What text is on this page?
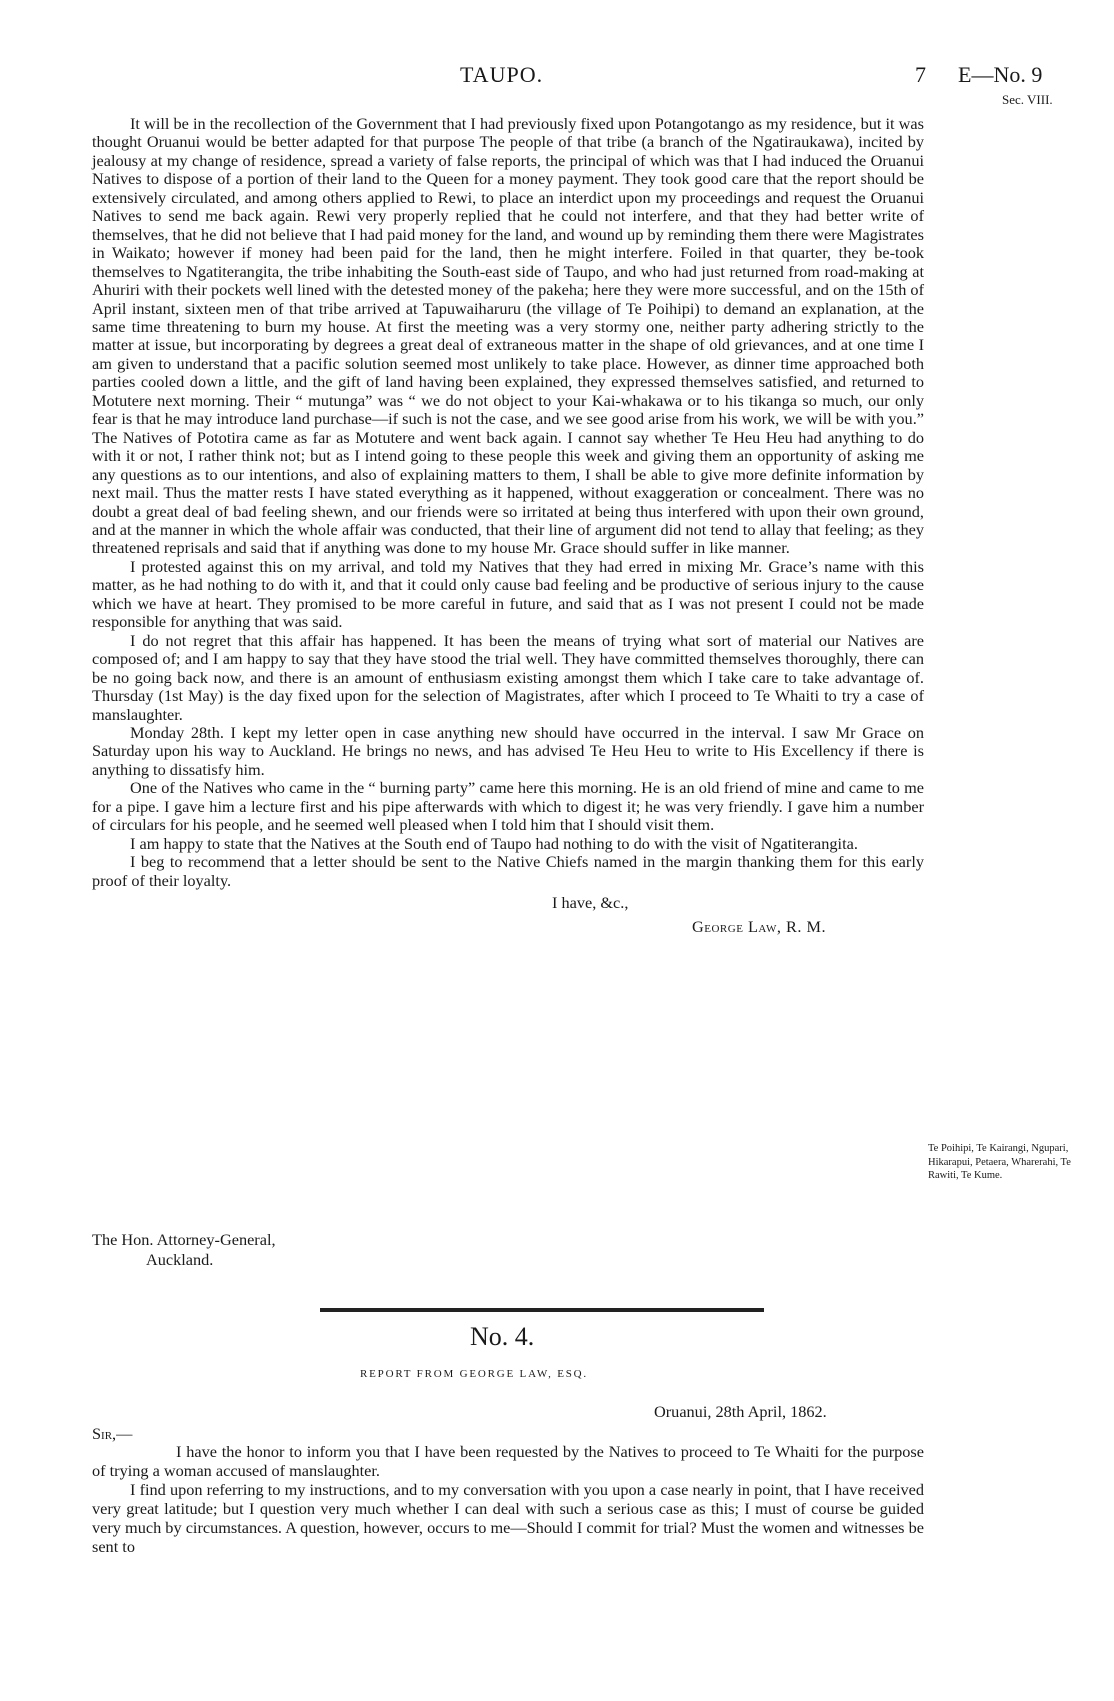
TAUPO.	7 E—No. 9
Sec. VIII.

It will be in the recollection of the Government that I had previously fixed upon Potangotango as my residence, but it was thought Oruanui would be better adapted for that purpose The people of that tribe (a branch of the Ngatiraukawa), incited by jealousy at my change of residence, spread a variety of false reports, the principal of which was that I had induced the Oruanui Natives to dispose of a portion of their land to the Queen for a money payment. They took good care that the report should be extensively circulated, and among others applied to Rewi, to place an interdict upon my proceedings and request the Oruanui Natives to send me back again. Rewi very properly replied that he could not interfere, and that they had better write of themselves, that he did not believe that I had paid money for the land, and wound up by reminding them there were Magistrates in Waikato; however if money had been paid for the land, then he might interfere. Foiled in that quarter, they be-took themselves to Ngatiterangita, the tribe inhabiting the South-east side of Taupo, and who had just returned from road-making at Ahuriri with their pockets well lined with the detested money of the pakeha; here they were more successful, and on the 15th of April instant, sixteen men of that tribe arrived at Tapuwaiharuru (the village of Te Poihipi) to demand an explanation, at the same time threatening to burn my house. At first the meeting was a very stormy one, neither party adhering strictly to the matter at issue, but incorporating by degrees a great deal of extraneous matter in the shape of old grievances, and at one time I am given to understand that a pacific solution seemed most unlikely to take place. However, as dinner time approached both parties cooled down a little, and the gift of land having been explained, they expressed themselves satisfied, and returned to Motutere next morning. Their “ mutunga” was “ we do not object to your Kai-whakawa or to his tikanga so much, our only fear is that he may introduce land purchase—if such is not the case, and we see good arise from his work, we will be with you.” The Natives of Pototira came as far as Motutere and went back again. I cannot say whether Te Heu Heu had anything to do with it or not, I rather think not; but as I intend going to these people this week and giving them an opportunity of asking me any questions as to our intentions, and also of explaining matters to them, I shall be able to give more definite information by next mail. Thus the matter rests I have stated everything as it happened, without exaggeration or concealment. There was no doubt a great deal of bad feeling shewn, and our friends were so irritated at being thus interfered with upon their own ground, and at the manner in which the whole affair was conducted, that their line of argument did not tend to allay that feeling; as they threatened reprisals and said that if anything was done to my house Mr. Grace should suffer in like manner.

I protested against this on my arrival, and told my Natives that they had erred in mixing Mr. Grace’s name with this matter, as he had nothing to do with it, and that it could only cause bad feeling and be productive of serious injury to the cause which we have at heart. They promised to be more careful in future, and said that as I was not present I could not be made responsible for anything that was said.

I do not regret that this affair has happened. It has been the means of trying what sort of material our Natives are composed of; and I am happy to say that they have stood the trial well. They have committed themselves thoroughly, there can be no going back now, and there is an amount of enthusiasm existing amongst them which I take care to take advantage of. Thursday (1st May) is the day fixed upon for the selection of Magistrates, after which I proceed to Te Whaiti to try a case of manslaughter.

Monday 28th. I kept my letter open in case anything new should have occurred in the interval. I saw Mr Grace on Saturday upon his way to Auckland. He brings no news, and has advised Te Heu Heu to write to His Excellency if there is anything to dissatisfy him.

One of the Natives who came in the “ burning party” came here this morning. He is an old friend of mine and came to me for a pipe. I gave him a lecture first and his pipe afterwards with which to digest it; he was very friendly. I gave him a number of circulars for his people, and he seemed well pleased when I told him that I should visit them.

I am happy to state that the Natives at the South end of Taupo had nothing to do with the visit of Ngatiterangita.

I beg to recommend that a letter should be sent to the Native Chiefs named in the margin thanking them for this early proof of their loyalty.

I have, &c.,
George Law, R. M.
Te Poihipi, Te Kairangi, Ngupari, Hikarapui, Petaera, Wharerahi, Te Rawiti, Te Kume.
The Hon. Attorney-General,
Auckland.
No. 4.
REPORT FROM GEORGE LAW, ESQ.
Oruanui, 28th April, 1862.
Sir,—

I have the honor to inform you that I have been requested by the Natives to proceed to Te Whaiti for the purpose of trying a woman accused of manslaughter.

I find upon referring to my instructions, and to my conversation with you upon a case nearly in point, that I have received very great latitude; but I question very much whether I can deal with such a serious case as this; I must of course be guided very much by circumstances. A question, however, occurs to me—Should I commit for trial? Must the women and witnesses be sent to
